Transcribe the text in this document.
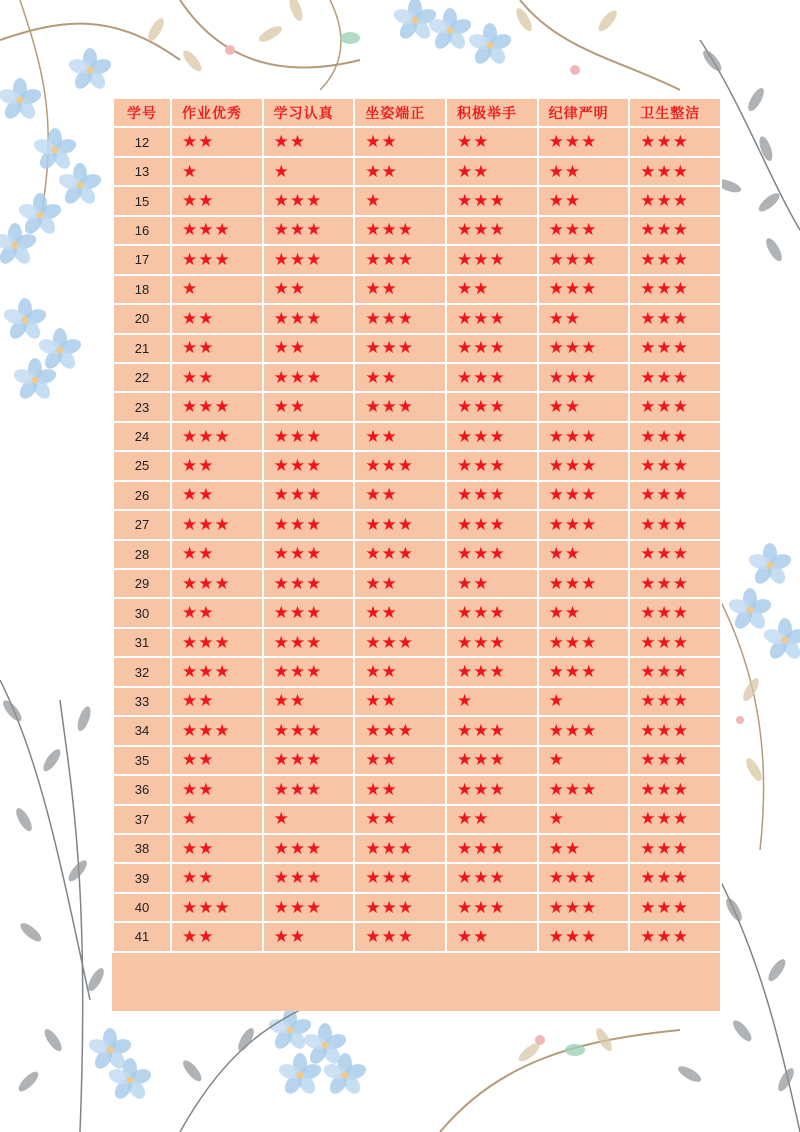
学号	作业优秀	学习认真	坐姿端正	积极举手	纪律严明	卫生整洁
12	★★	★★	★★	★★	★★★	★★★
13	★	★	★★	★★	★★	★★★
15	★★	★★★	★	★★★	★★	★★★
16	★★★	★★★	★★★	★★★	★★★	★★★
17	★★★	★★★	★★★	★★★	★★★	★★★
18	★	★★	★★	★★	★★★	★★★
20	★★	★★★	★★★	★★★	★★	★★★
21	★★	★★	★★★	★★★	★★★	★★★
22	★★	★★★	★★	★★★	★★★	★★★
23	★★★	★★	★★★	★★★	★★	★★★
24	★★★	★★★	★★	★★★	★★★	★★★
25	★★	★★★	★★★	★★★	★★★	★★★
26	★★	★★★	★★	★★★	★★★	★★★
27	★★★	★★★	★★★	★★★	★★★	★★★
28	★★	★★★	★★★	★★★	★★	★★★
29	★★★	★★★	★★	★★	★★★	★★★
30	★★	★★★	★★	★★★	★★	★★★
31	★★★	★★★	★★★	★★★	★★★	★★★
32	★★★	★★★	★★	★★★	★★★	★★★
33	★★	★★	★★	★	★	★★★
34	★★★	★★★	★★★	★★★	★★★	★★★
35	★★	★★★	★★	★★★	★	★★★
36	★★	★★★	★★	★★★	★★★	★★★
37	★	★	★★	★★	★	★★★
38	★★	★★★	★★★	★★★	★★	★★★
39	★★	★★★	★★★	★★★	★★★	★★★
40	★★★	★★★	★★★	★★★	★★★	★★★
41	★★	★★	★★★	★★	★★★	★★★
